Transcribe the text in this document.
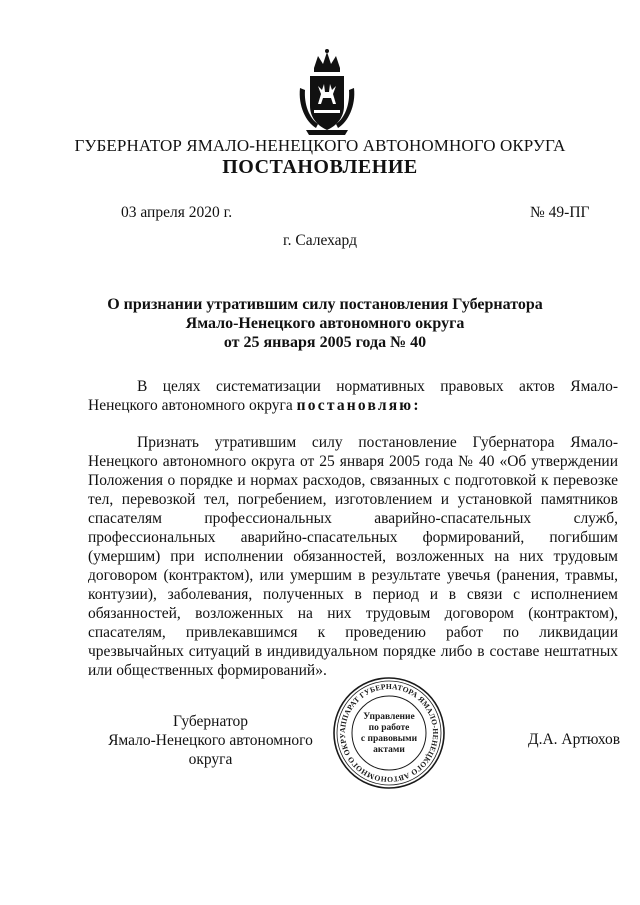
ГУБЕРНАТОР ЯМАЛО-НЕНЕЦКОГО АВТОНОМНОГО ОКРУГА
ПОСТАНОВЛЕНИЕ
03 апреля 2020 г.	№ 49-ПГ
г. Салехард
О признании утратившим силу постановления Губернатора
Ямало-Ненецкого автономного округа
от 25 января 2005 года № 40
В целях систематизации нормативных правовых актов Ямало-Ненецкого автономного округа постановляю:
Признать утратившим силу постановление Губернатора Ямало-Ненецкого автономного округа от 25 января 2005 года № 40 «Об утверждении Положения о порядке и нормах расходов, связанных с подготовкой к перевозке тел, перевозкой тел, погребением, изготовлением и установкой памятников спасателям профессиональных аварийно-спасательных служб, профессиональных аварийно-спасательных формирований, погибшим (умершим) при исполнении обязанностей, возложенных на них трудовым договором (контрактом), или умершим в результате увечья (ранения, травмы, контузии), заболевания, полученных в период и в связи с исполнением обязанностей, возложенных на них трудовым договором (контрактом), спасателям, привлекавшимся к проведению работ по ликвидации чрезвычайных ситуаций в индивидуальном порядке либо в составе нештатных или общественных формирований».
Губернатор
Ямало-Ненецкого автономного округа
АППАРАТ ГУБЕРНАТОРА ЯМАЛО-НЕНЕЦКОГО АВТОНОМНОГО ОКРУ
Управление
по работе
с правовыми
актами
Д.А. Артюхов
